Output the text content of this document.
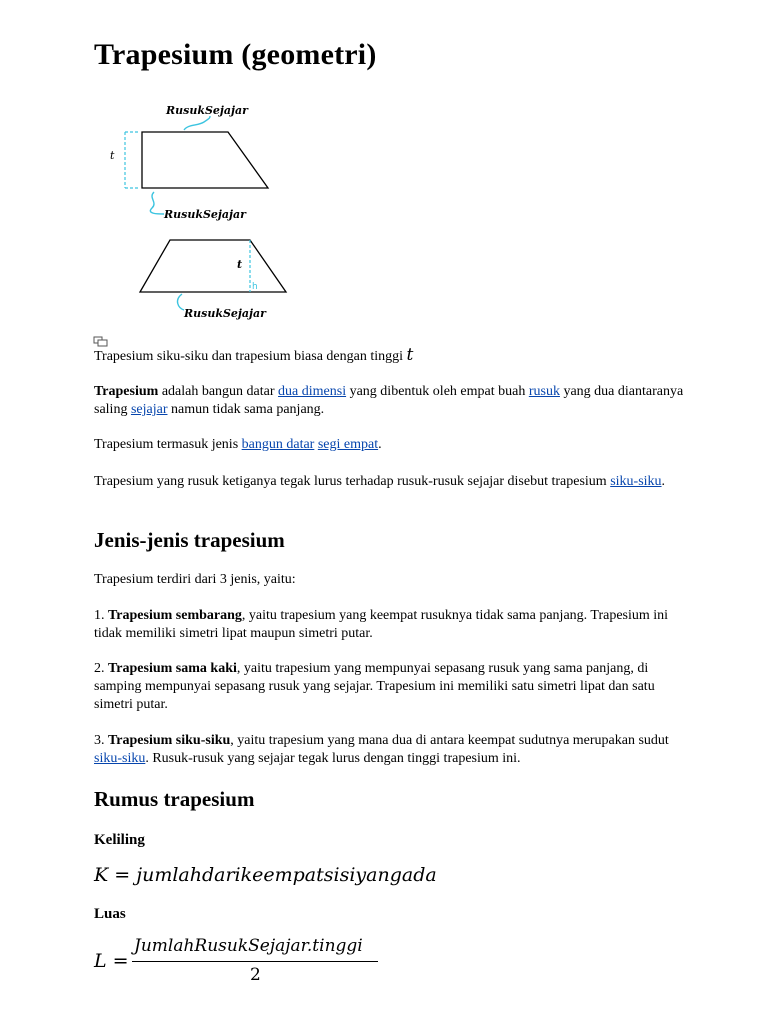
Trapesium (geometri)
t
RusukSejajar
RusukSejajar
t
h
RusukSejajar

Trapesium siku-siku dan trapesium biasa dengan tinggi t

Trapesium adalah bangun datar dua dimensi yang dibentuk oleh empat buah rusuk yang dua diantaranya saling sejajar namun tidak sama panjang.

Trapesium termasuk jenis bangun datar segi empat.

Trapesium yang rusuk ketiganya tegak lurus terhadap rusuk-rusuk sejajar disebut trapesium siku-siku.

Jenis-jenis trapesium

Trapesium terdiri dari 3 jenis, yaitu:

1. Trapesium sembarang, yaitu trapesium yang keempat rusuknya tidak sama panjang. Trapesium ini tidak memiliki simetri lipat maupun simetri putar.

2. Trapesium sama kaki, yaitu trapesium yang mempunyai sepasang rusuk yang sama panjang, di samping mempunyai sepasang rusuk yang sejajar. Trapesium ini memiliki satu simetri lipat dan satu simetri putar.

3. Trapesium siku-siku, yaitu trapesium yang mana dua di antara keempat sudutnya merupakan sudut siku-siku. Rusuk-rusuk yang sejajar tegak lurus dengan tinggi trapesium ini.

Rumus trapesium
Keliling
K = jumlahdarikeempatsisiyangada
Luas
L =
JumlahRusukSejajar.tinggi
2
